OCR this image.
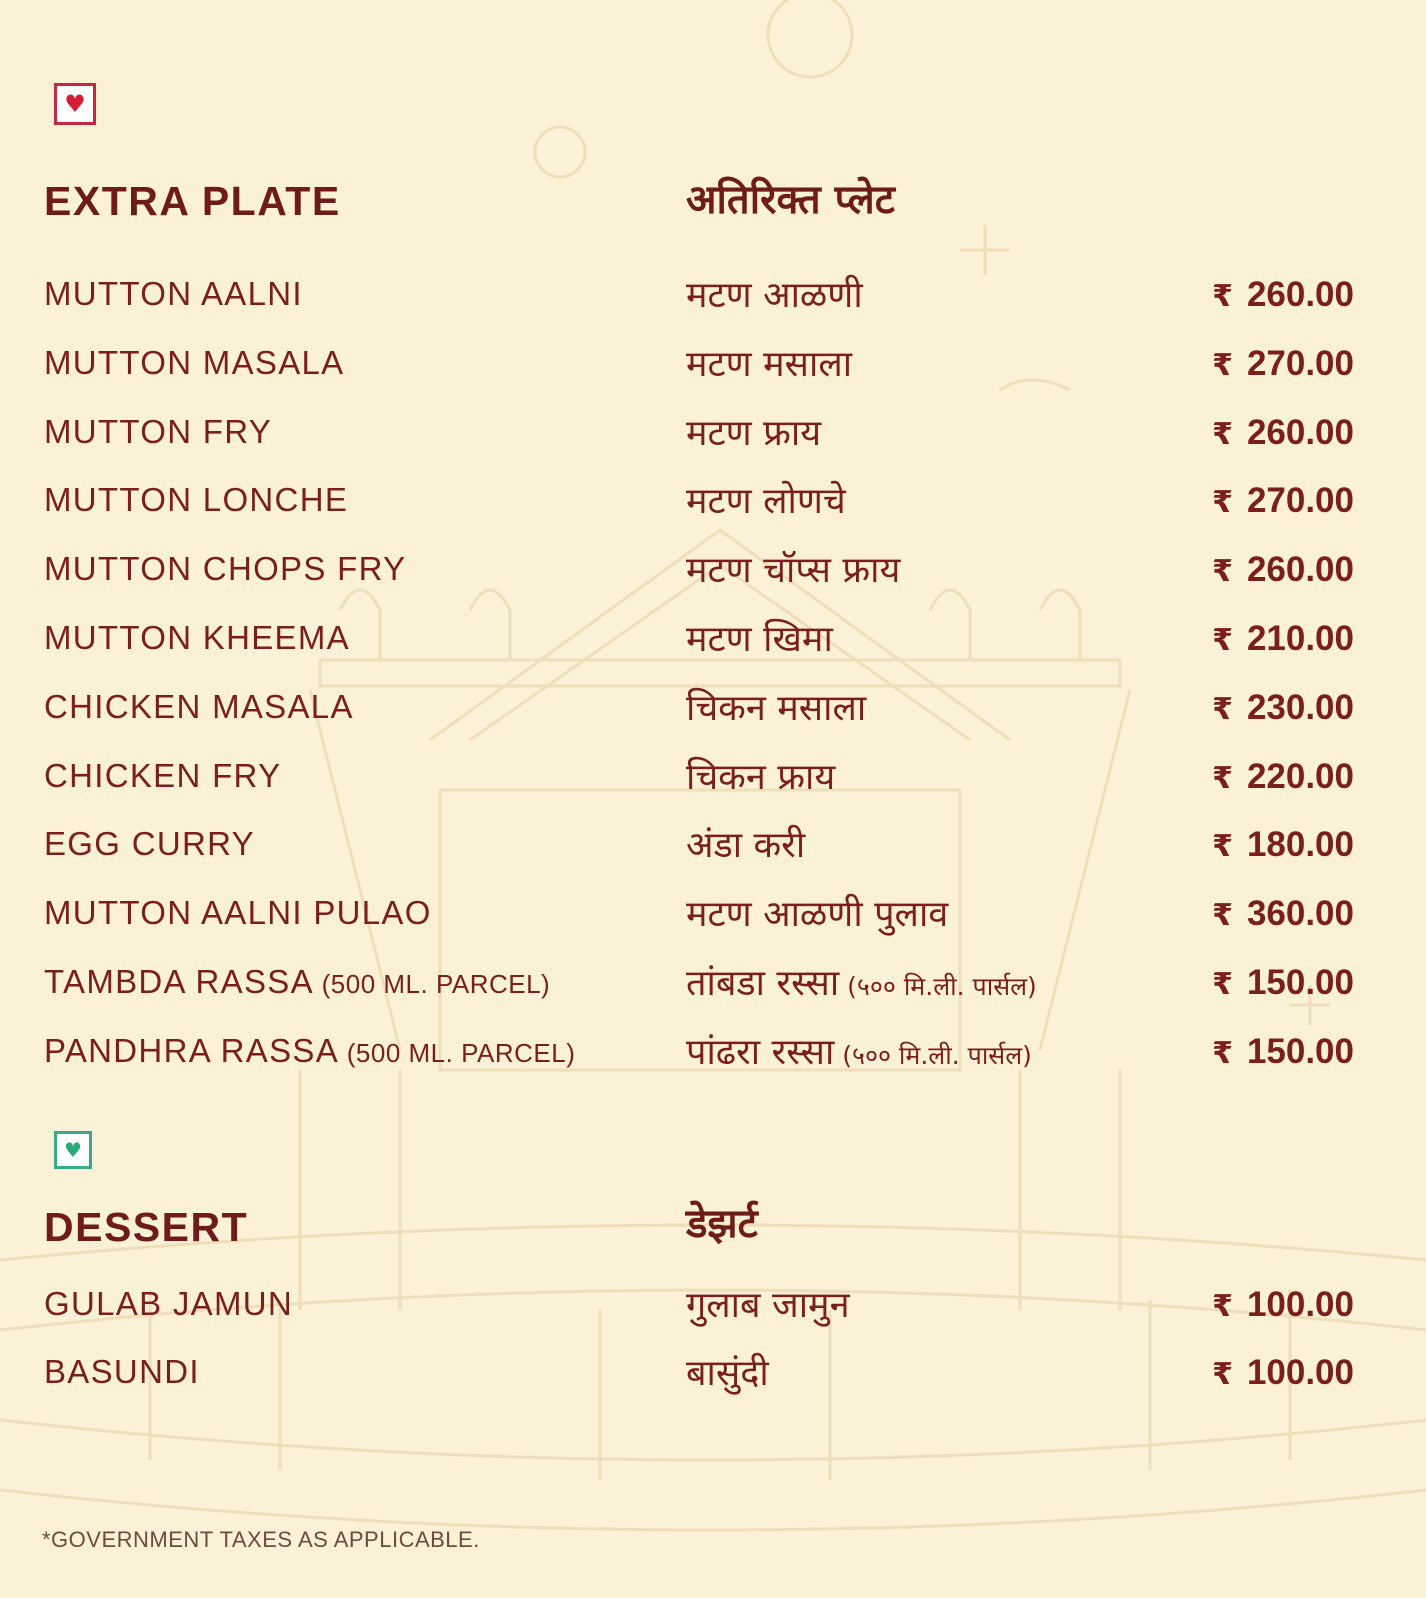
♥
EXTRA PLATE	अतिरिक्त प्लेट
MUTTON AALNI	मटण आळणी	₹ 260.00
MUTTON MASALA	मटण मसाला	₹ 270.00
MUTTON FRY	मटण फ्राय	₹ 260.00
MUTTON LONCHE	मटण लोणचे	₹ 270.00
MUTTON CHOPS FRY	मटण चॉप्स फ्राय	₹ 260.00
MUTTON KHEEMA	मटण खिमा	₹ 210.00
CHICKEN MASALA	चिकन मसाला	₹ 230.00
CHICKEN FRY	चिकन फ्राय	₹ 220.00
EGG CURRY	अंडा करी	₹ 180.00
MUTTON AALNI PULAO	मटण आळणी पुलाव	₹ 360.00
TAMBDA RASSA (500 ML. PARCEL)	तांबडा रस्सा (५०० मि.ली. पार्सल)	₹ 150.00
PANDHRA RASSA (500 ML. PARCEL)	पांढरा रस्सा (५०० मि.ली. पार्सल)	₹ 150.00
♥
DESSERT	डेझर्ट
GULAB JAMUN	गुलाब जामुन	₹ 100.00
BASUNDI	बासुंदी	₹ 100.00
*GOVERNMENT TAXES AS APPLICABLE.
